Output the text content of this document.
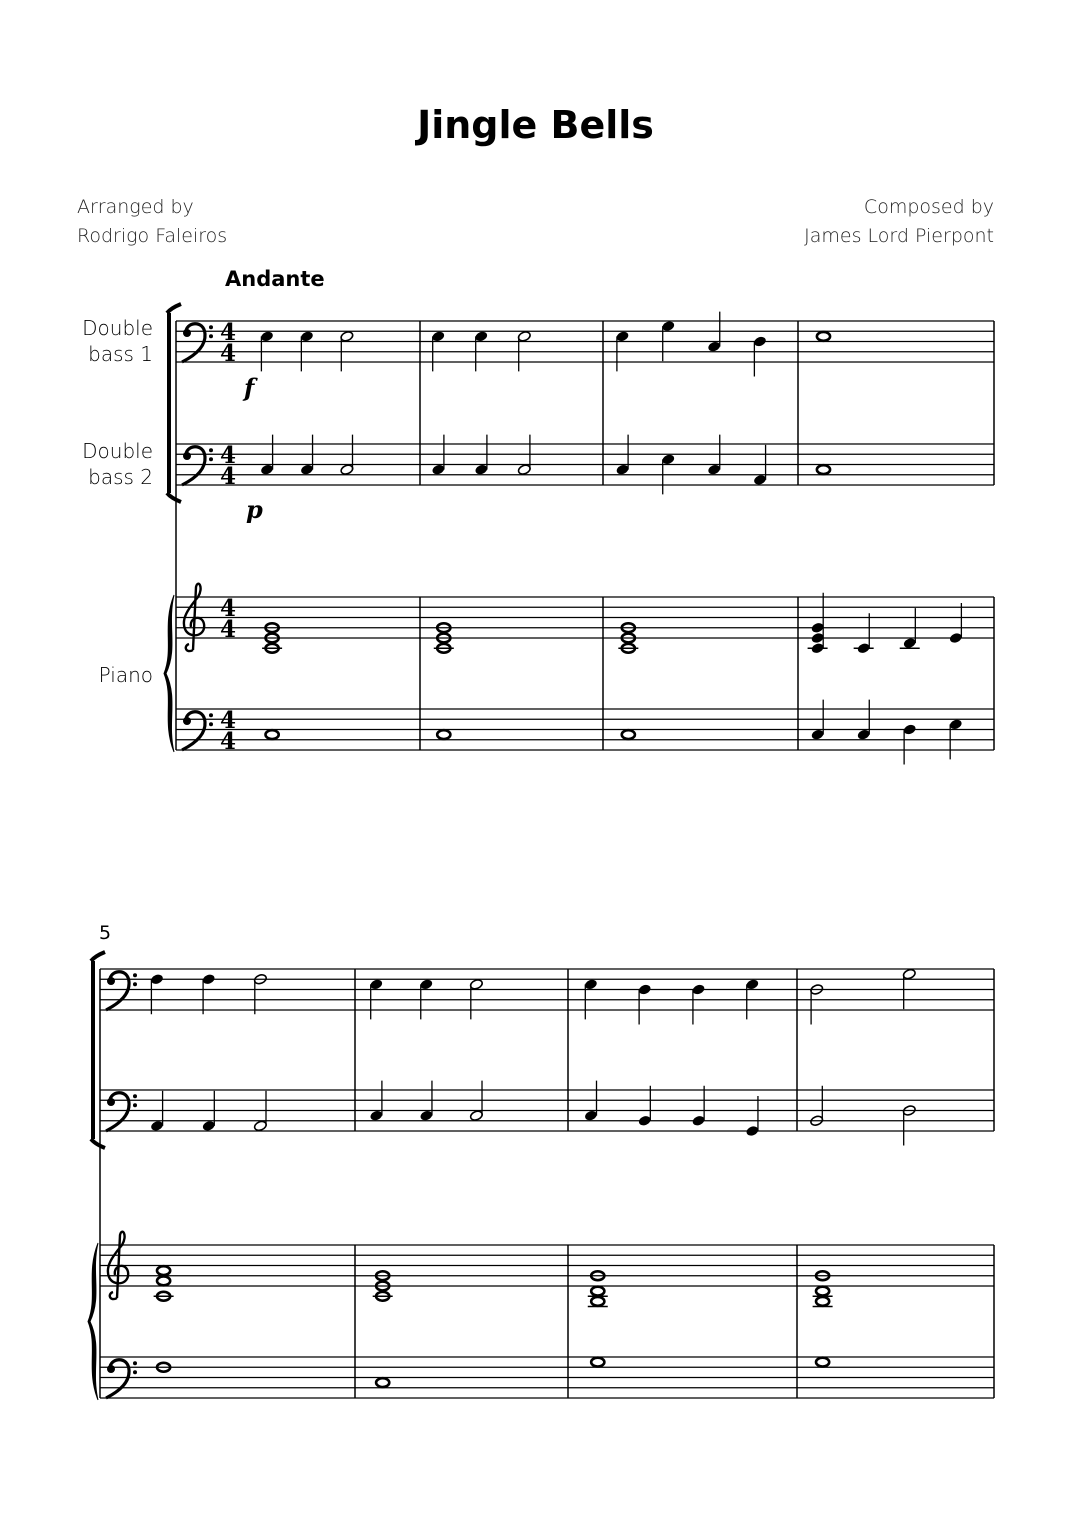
Jingle Bells
Arranged by
Rodrigo Faleiros
Composed by
James Lord Pierpont
Andante
Double
bass 1
Double
bass 2
Piano
5
4
4
4
4
4
4
4
4
f
p
